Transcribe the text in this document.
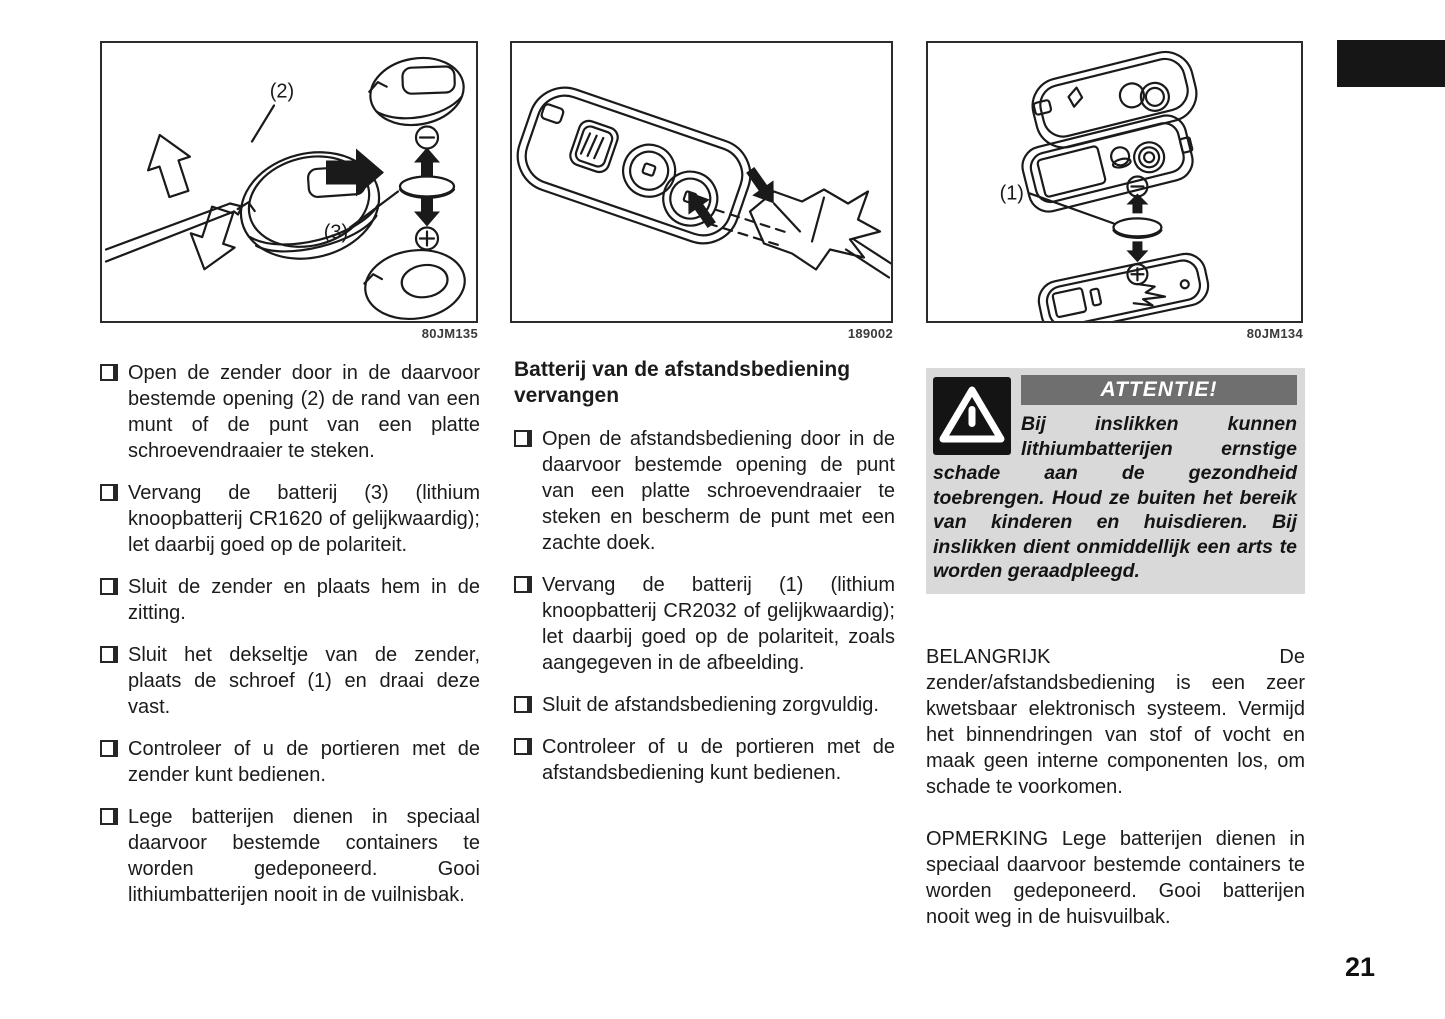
(2)
(3)
80JM135	189002
(1)
80JM134
Open de zender door in de daarvoor bestemde opening (2) de rand van een munt of de punt van een platte schroevendraaier te steken.
Vervang de batterij (3) (lithium knoopbatterij CR1620 of gelijkwaardig); let daarbij goed op de polariteit.
Sluit de zender en plaats hem in de zitting.
Sluit het dekseltje van de zender, plaats de schroef (1) en draai deze vast.
Controleer of u de portieren met de zender kunt bedienen.
Lege batterijen dienen in speciaal daarvoor bestemde containers te worden gedeponeerd. Gooi lithiumbatterijen nooit in de vuilnisbak.
Batterij van de afstandsbediening vervangen
Open de afstandsbediening door in de daarvoor bestemde opening de punt van een platte schroevendraaier te steken en bescherm de punt met een zachte doek.
Vervang de batterij (1) (lithium knoopbatterij CR2032 of gelijkwaardig); let daarbij goed op de polariteit, zoals aangegeven in de afbeelding.
Sluit de afstandsbediening zorgvuldig.
Controleer of u de portieren met de afstandsbediening kunt bedienen.
ATTENTIE!

Bij inslikken kunnen lithiumbatterijen ernstige schade aan de gezondheid toebrengen. Houd ze buiten het bereik van kinderen en huisdieren. Bij inslikken dient onmiddellijk een arts te worden geraadpleegd.

BELANGRIJK De zender/afstandsbediening is een zeer kwetsbaar elektronisch systeem. Vermijd het binnendringen van stof of vocht en maak geen interne componenten los, om schade te voorkomen.

OPMERKING Lege batterijen dienen in speciaal daarvoor bestemde containers te worden gedeponeerd. Gooi batterijen nooit weg in de huisvuilbak.

21
